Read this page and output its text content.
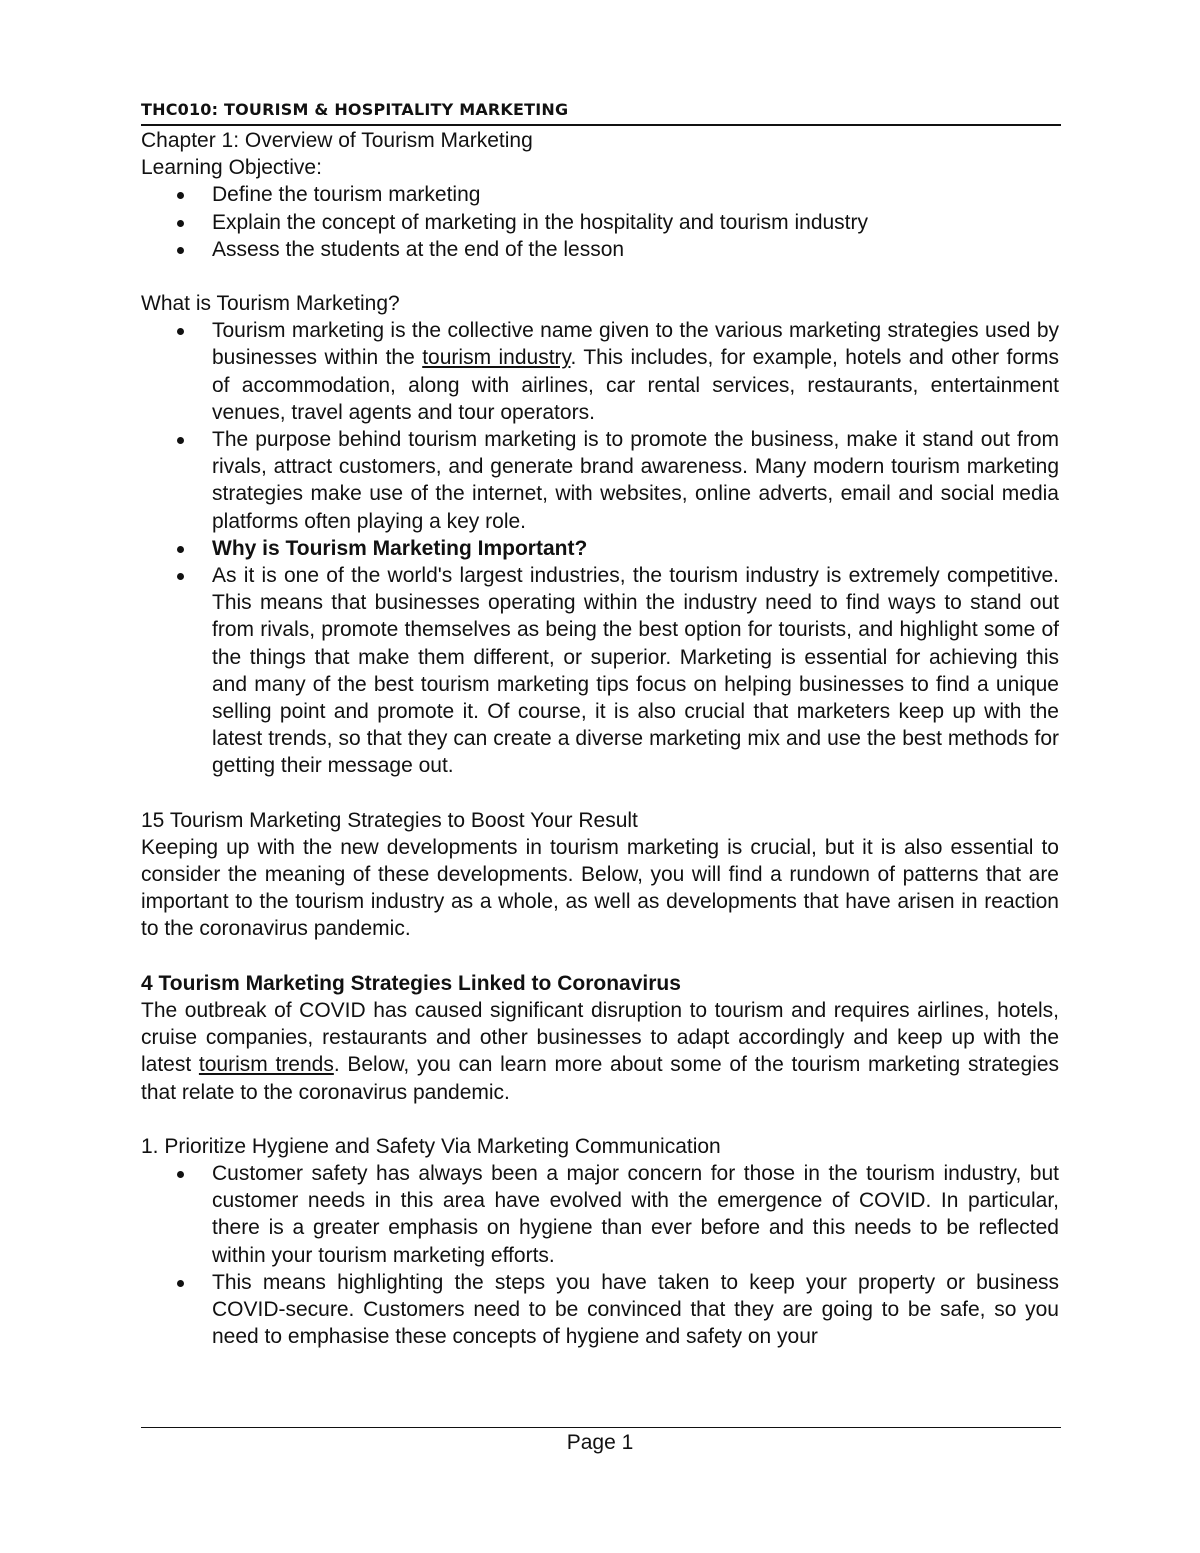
THC010: TOURISM & HOSPITALITY MARKETING

Chapter 1: Overview of Tourism Marketing

Learning Objective:

Define the tourism marketing
Explain the concept of marketing in the hospitality and tourism industry
Assess the students at the end of the lesson

What is Tourism Marketing?

Tourism marketing is the collective name given to the various marketing strategies used by businesses within the tourism industry. This includes, for example, hotels and other forms of accommodation, along with airlines, car rental services, restaurants, entertainment venues, travel agents and tour operators.
The purpose behind tourism marketing is to promote the business, make it stand out from rivals, attract customers, and generate brand awareness. Many modern tourism marketing strategies make use of the internet, with websites, online adverts, email and social media platforms often playing a key role.
Why is Tourism Marketing Important?
As it is one of the world's largest industries, the tourism industry is extremely competitive. This means that businesses operating within the industry need to find ways to stand out from rivals, promote themselves as being the best option for tourists, and highlight some of the things that make them different, or superior. Marketing is essential for achieving this and many of the best tourism marketing tips focus on helping businesses to find a unique selling point and promote it. Of course, it is also crucial that marketers keep up with the latest trends, so that they can create a diverse marketing mix and use the best methods for getting their message out.

15 Tourism Marketing Strategies to Boost Your Result

Keeping up with the new developments in tourism marketing is crucial, but it is also essential to consider the meaning of these developments. Below, you will find a rundown of patterns that are important to the tourism industry as a whole, as well as developments that have arisen in reaction to the coronavirus pandemic.

4 Tourism Marketing Strategies Linked to Coronavirus

The outbreak of COVID has caused significant disruption to tourism and requires airlines, hotels, cruise companies, restaurants and other businesses to adapt accordingly and keep up with the latest tourism trends. Below, you can learn more about some of the tourism marketing strategies that relate to the coronavirus pandemic.

1. Prioritize Hygiene and Safety Via Marketing Communication

Customer safety has always been a major concern for those in the tourism industry, but customer needs in this area have evolved with the emergence of COVID. In particular, there is a greater emphasis on hygiene than ever before and this needs to be reflected within your tourism marketing efforts.
This means highlighting the steps you have taken to keep your property or business COVID-secure. Customers need to be convinced that they are going to be safe, so you need to emphasise these concepts of hygiene and safety on your
Page 1
